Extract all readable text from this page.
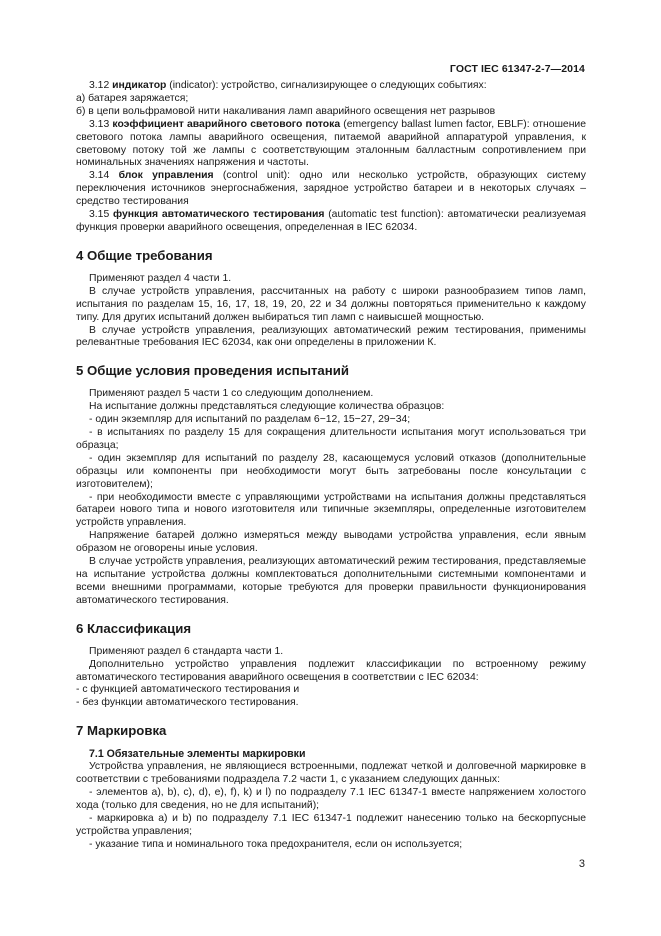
ГОСТ IEC 61347-2-7—2014

3.12 индикатор (indicator): устройство, сигнализирующее о следующих событиях:

а) батарея заряжается;

б) в цепи вольфрамовой нити накаливания ламп аварийного освещения нет разрывов

3.13 коэффициент аварийного светового потока (emergency ballast lumen factor, EBLF): отношение светового потока лампы аварийного освещения, питаемой аварийной аппаратурой управления, к световому потоку той же лампы с соответствующим эталонным балластным сопротивлением при номинальных значениях напряжения и частоты.

3.14 блок управления (control unit): одно или несколько устройств, образующих систему переключения источников энергоснабжения, зарядное устройство батареи и в некоторых случаях – средство тестирования

3.15 функция автоматического тестирования (automatic test function): автоматически реализуемая функция проверки аварийного освещения, определенная в IEC 62034.

4 Общие требования

Применяют раздел 4 части 1.

В случае устройств управления, рассчитанных на работу с широки разнообразием типов ламп, испытания по разделам 15, 16, 17, 18, 19, 20, 22 и 34 должны повторяться применительно к каждому типу. Для других испытаний должен выбираться тип ламп с наивысшей мощностью.

В случае устройств управления, реализующих автоматический режим тестирования, применимы релевантные требования IEC 62034, как они определены в приложении К.

5 Общие условия проведения испытаний

Применяют раздел 5 части 1 со следующим дополнением.

На испытание должны представляться следующие количества образцов:

- один экземпляр для испытаний по разделам 6−12, 15−27, 29−34;

- в испытаниях по разделу 15 для сокращения длительности испытания могут использоваться три образца;

- один экземпляр для испытаний по разделу 28, касающемуся условий отказов (дополнительные образцы или компоненты при необходимости могут быть затребованы после консультации с изготовителем);

- при необходимости вместе с управляющими устройствами на испытания должны представляться батареи нового типа и нового изготовителя или типичные экземпляры, определенные изготовителем устройств управления.

Напряжение батарей должно измеряться между выводами устройства управления, если явным образом не оговорены иные условия.

В случае устройств управления, реализующих автоматический режим тестирования, представляемые на испытание устройства должны комплектоваться дополнительными системными компонентами и всеми внешними программами, которые требуются для проверки правильности функционирования автоматического тестирования.

6 Классификация

Применяют раздел 6 стандарта части 1.

Дополнительно устройство управления подлежит классификации по встроенному режиму автоматического тестирования аварийного освещения в соответствии с IEC 62034:

- с функцией автоматического тестирования и

- без функции автоматического тестирования.

7 Маркировка
7.1 Обязательные элементы маркировки

Устройства управления, не являющиеся встроенными, подлежат четкой и долговечной маркировке в соответствии с требованиями подраздела 7.2 части 1, с указанием следующих данных:

- элементов a), b), c), d), e), f), k) и l) по подразделу 7.1 IEC 61347-1 вместе напряжением холостого хода (только для сведения, но не для испытаний);

- маркировка a) и b) по подразделу 7.1 IEC 61347-1 подлежит нанесению только на бескорпусные устройства управления;

- указание типа и номинального тока предохранителя, если он используется;

3
